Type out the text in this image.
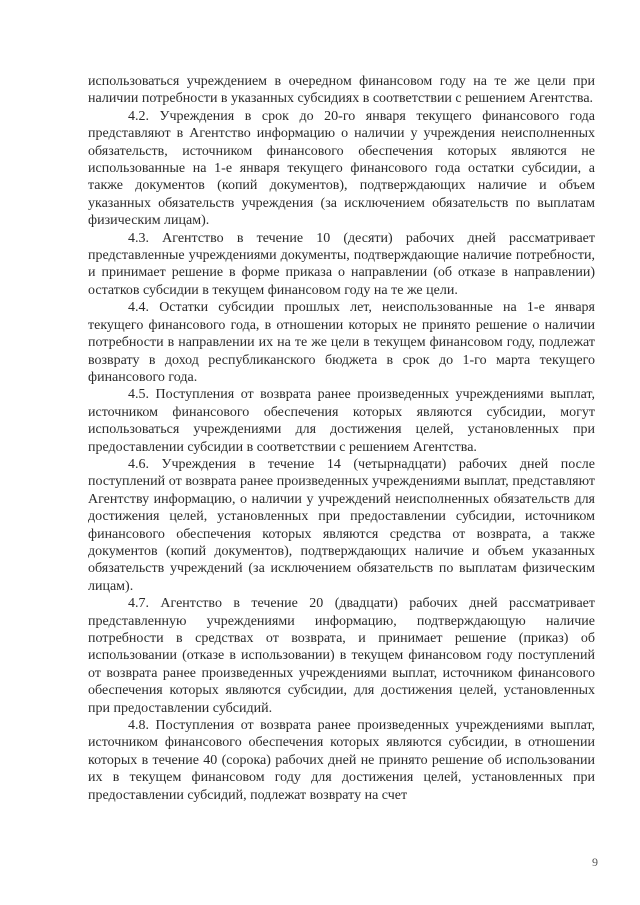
использоваться учреждением в очередном финансовом году на те же цели при наличии потребности в указанных субсидиях в соответствии с решением Агентства.

4.2. Учреждения в срок до 20-го января текущего финансового года представляют в Агентство информацию о наличии у учреждения неисполненных обязательств, источником финансового обеспечения которых являются не использованные на 1-е января текущего финансового года остатки субсидии, а также документов (копий документов), подтверждающих наличие и объем указанных обязательств учреждения (за исключением обязательств по выплатам физическим лицам).

4.3. Агентство в течение 10 (десяти) рабочих дней рассматривает представленные учреждениями документы, подтверждающие наличие потребности, и принимает решение в форме приказа о направлении (об отказе в направлении) остатков субсидии в текущем финансовом году на те же цели.

4.4. Остатки субсидии прошлых лет, неиспользованные на 1-е января текущего финансового года, в отношении которых не принято решение о наличии потребности в направлении их на те же цели в текущем финансовом году, подлежат возврату в доход республиканского бюджета в срок до 1-го марта текущего финансового года.

4.5. Поступления от возврата ранее произведенных учреждениями выплат, источником финансового обеспечения которых являются субсидии, могут использоваться учреждениями для достижения целей, установленных при предоставлении субсидии в соответствии с решением Агентства.

4.6. Учреждения в течение 14 (четырнадцати) рабочих дней после поступлений от возврата ранее произведенных учреждениями выплат, представляют Агентству информацию, о наличии у учреждений неисполненных обязательств для достижения целей, установленных при предоставлении субсидии, источником финансового обеспечения которых являются средства от возврата, а также документов (копий документов), подтверждающих наличие и объем указанных обязательств учреждений (за исключением обязательств по выплатам физическим лицам).

4.7. Агентство в течение 20 (двадцати) рабочих дней рассматривает представленную учреждениями информацию, подтверждающую наличие потребности в средствах от возврата, и принимает решение (приказ) об использовании (отказе в использовании) в текущем финансовом году поступлений от возврата ранее произведенных учреждениями выплат, источником финансового обеспечения которых являются субсидии, для достижения целей, установленных при предоставлении субсидий.

4.8. Поступления от возврата ранее произведенных учреждениями выплат, источником финансового обеспечения которых являются субсидии, в отношении которых в течение 40 (сорока) рабочих дней не принято решение об использовании их в текущем финансовом году для достижения целей, установленных при предоставлении субсидий, подлежат возврату на счет

9
